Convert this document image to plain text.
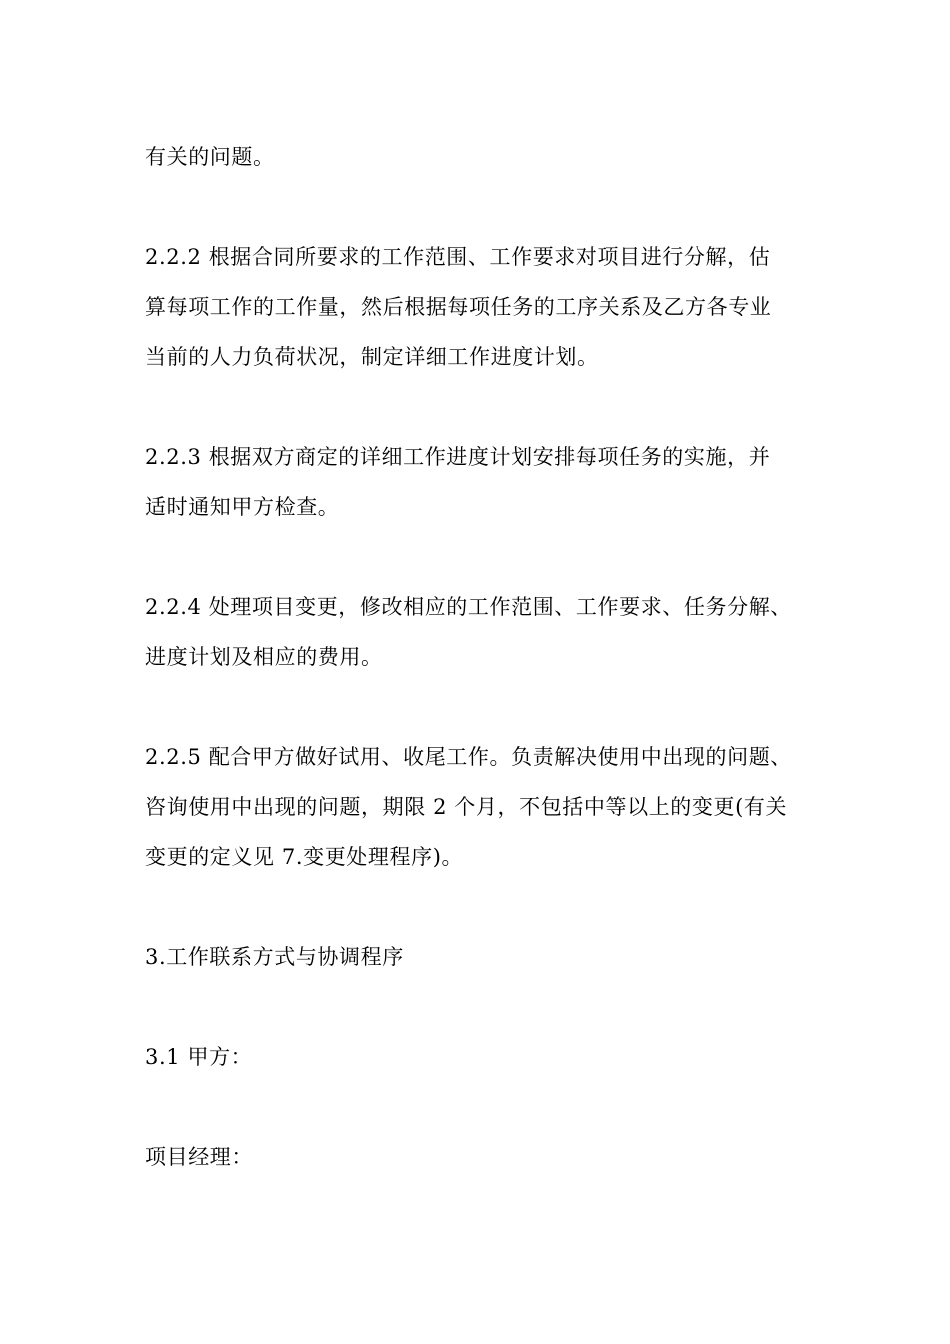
有关的问题。

2.2.2 根据合同所要求的工作范围、工作要求对项目进行分解，估
算每项工作的工作量，然后根据每项任务的工序关系及乙方各专业
当前的人力负荷状况，制定详细工作进度计划。

2.2.3 根据双方商定的详细工作进度计划安排每项任务的实施，并
适时通知甲方检查。

2.2.4 处理项目变更，修改相应的工作范围、工作要求、任务分解、
进度计划及相应的费用。

2.2.5 配合甲方做好试用、收尾工作。负责解决使用中出现的问题、
咨询使用中出现的问题，期限 2 个月，不包括中等以上的变更(有关
变更的定义见 7.变更处理程序)。

3.工作联系方式与协调程序

3.1 甲方：

项目经理：
